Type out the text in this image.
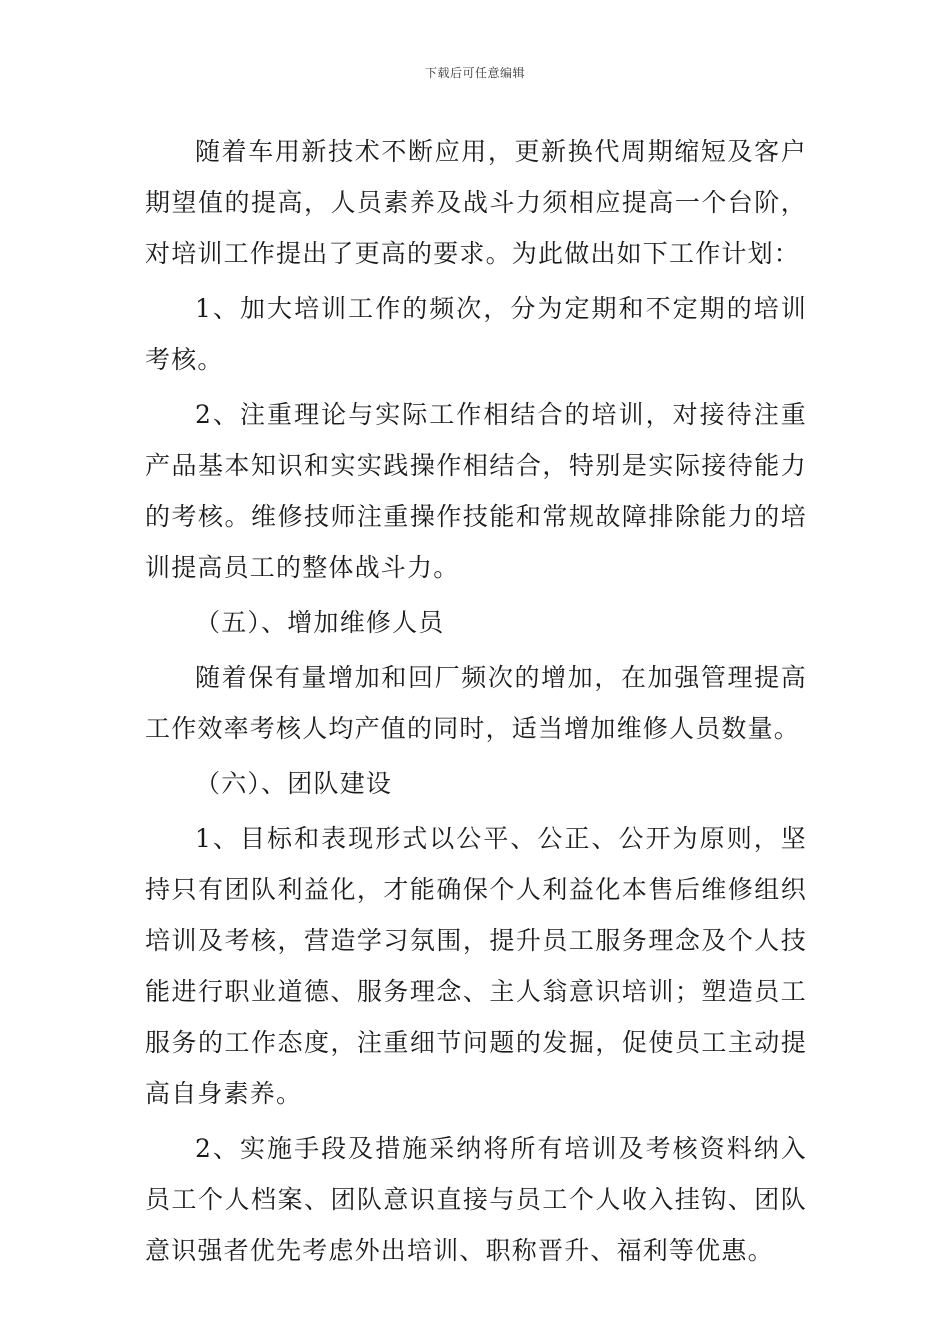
下载后可任意编辑

随着车用新技术不断应用，更新换代周期缩短及客户期望值的提高，人员素养及战斗力须相应提高一个台阶，对培训工作提出了更高的要求。为此做出如下工作计划：

1、加大培训工作的频次，分为定期和不定期的培训考核。

2、注重理论与实际工作相结合的培训，对接待注重产品基本知识和实实践操作相结合，特别是实际接待能力的考核。维修技师注重操作技能和常规故障排除能力的培训提高员工的整体战斗力。

（五）、增加维修人员

随着保有量增加和回厂频次的增加，在加强管理提高工作效率考核人均产值的同时，适当增加维修人员数量。

（六）、团队建设

1、目标和表现形式以公平、公正、公开为原则，坚持只有团队利益化，才能确保个人利益化本售后维修组织培训及考核，营造学习氛围，提升员工服务理念及个人技能进行职业道德、服务理念、主人翁意识培训；塑造员工服务的工作态度，注重细节问题的发掘，促使员工主动提高自身素养。

2、实施手段及措施采纳将所有培训及考核资料纳入员工个人档案、团队意识直接与员工个人收入挂钩、团队意识强者优先考虑外出培训、职称晋升、福利等优惠。
